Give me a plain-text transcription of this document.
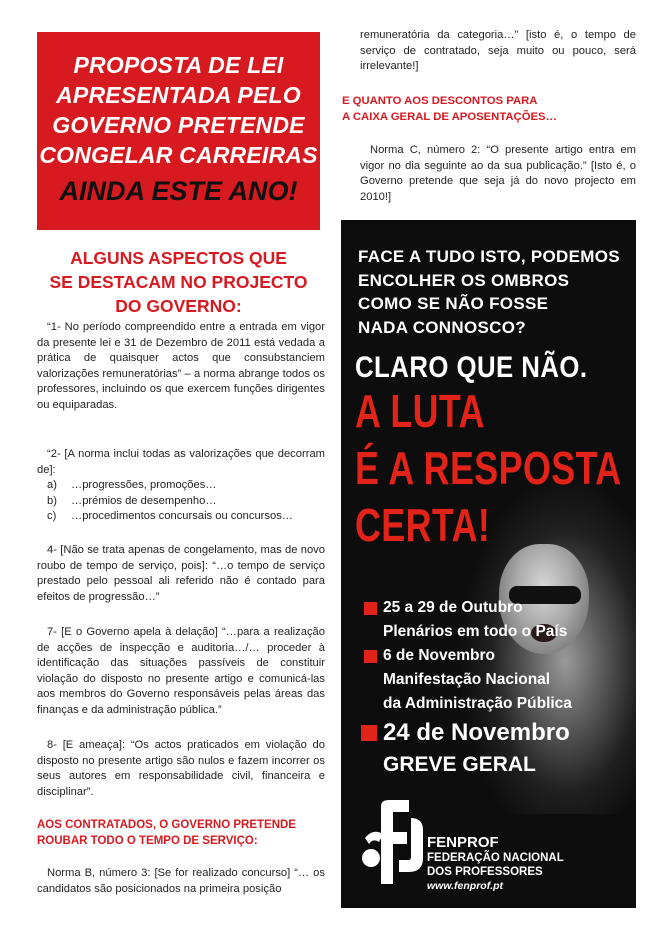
PROPOSTA DE LEI
APRESENTADA PELO
GOVERNO PRETENDE
CONGELAR CARREIRAS
AINDA ESTE ANO!
ALGUNS ASPECTOS QUE
SE DESTACAM NO PROJECTO
DO GOVERNO:

“1- No período compreendido entre a entrada em vigor da presente lei e 31 de Dezembro de 2011 está vedada a prática de quaisquer actos que consubstanciem valorizações remuneratórias” – a norma abrange todos os professores, incluindo os que exercem funções dirigentes ou equiparadas.

“2- [A norma inclui todas as valorizações que decorram de]:

a)	…progressões, promoções…
b)	…prémios de desempenho…
c)	…procedimentos concursais ou concursos…

4- [Não se trata apenas de congelamento, mas de novo roubo de tempo de serviço, pois]: “…o tempo de serviço prestado pelo pessoal ali referido não é contado para efeitos de progressão…”

7- [E o Governo apela à delação] “…para a realização de acções de inspecção e auditoria…/… proceder à identificação das situações passíveis de constituir violação do disposto no presente artigo e comunicá-las aos membros do Governo responsáveis pelas áreas das finanças e da administração pública.”

8- [E ameaça]: “Os actos praticados em violação do disposto no presente artigo são nulos e fazem incorrer os seus autores em responsabilidade civil, financeira e disciplinar”.

AOS CONTRATADOS, O GOVERNO PRETENDE
ROUBAR TODO O TEMPO DE SERVIÇO:

Norma B, número 3: [Se for realizado concurso] “… os candidatos são posicionados na primeira posição

remuneratória da categoria…” [isto é, o tempo de serviço de contratado, seja muito ou pouco, será irrelevante!]

E QUANTO AOS DESCONTOS PARA
A CAIXA GERAL DE APOSENTAÇÕES…

Norma C, número 2: “O presente artigo entra em vigor no dia seguinte ao da sua publicação.” [Isto é, o Governo pretende que seja já do novo projecto em 2010!]

FACE A TUDO ISTO, PODEMOS
ENCOLHER OS OMBROS
COMO SE NÃO FOSSE
NADA CONNOSCO?
CLARO QUE NÃO.
A LUTA
É A RESPOSTA
CERTA!
25 a 29 de Outubro
Plenários em todo o País
6 de Novembro
Manifestação Nacional
da Administração Pública
24 de Novembro
GREVE GERAL
FENPROF
FEDERAÇÃO NACIONAL
DOS PROFESSORES
www.fenprof.pt
